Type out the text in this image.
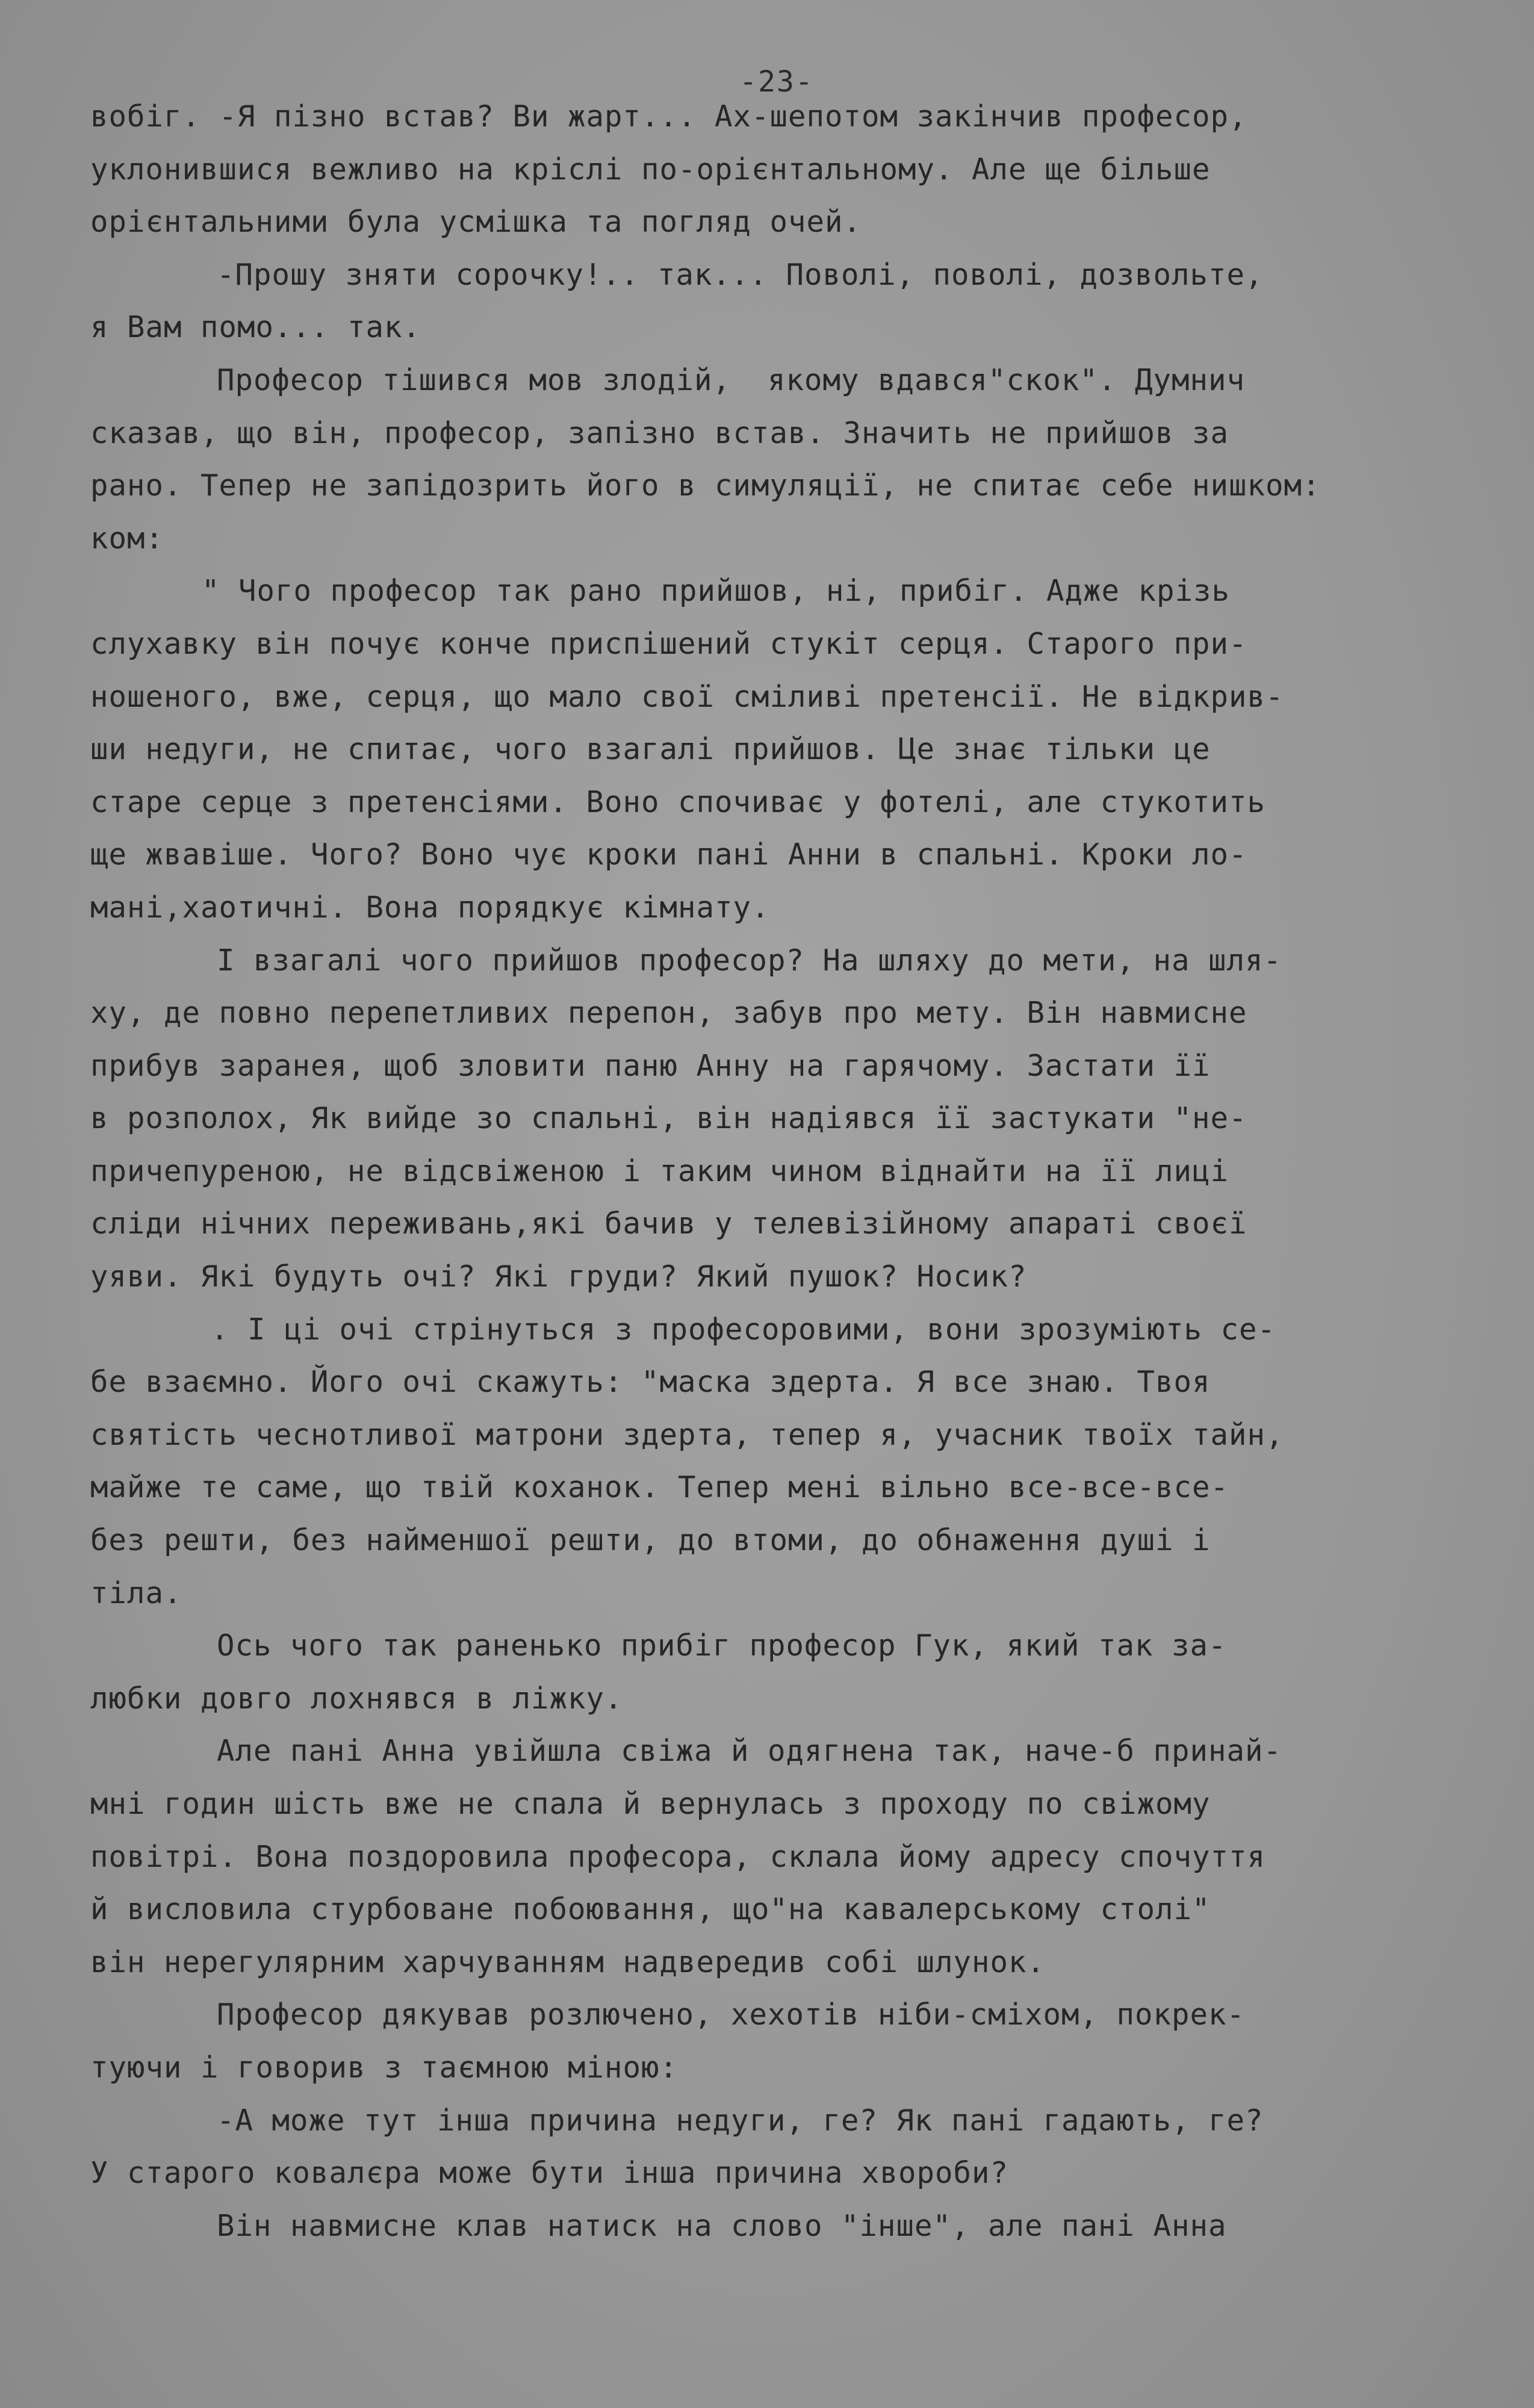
-23-
вобіг. -Я пізно встав? Ви жарт... Ах-шепотом закінчив професор,
уклонившися вежливо на кріслі по-орієнтальному. Але ще більше
орієнтальними була усмішка та погляд очей.
-Прошу зняти сорочку!.. так... Поволі, поволі, дозвольте,
я Вам помо... так.
Професор тішився мов злодій,  якому вдався"скок". Думнич
сказав, що він, професор, запізно встав. Значить не прийшов за
рано. Тепер не запідозрить його в симуляції, не спитає себе нишком:
ком:
" Чого професор так рано прийшов, ні, прибіг. Адже крізь
слухавку він почує конче приспішений стукіт серця. Старого при-
ношеного, вже, серця, що мало свої сміливі претенсії. Не відкрив-
ши недуги, не спитає, чого взагалі прийшов. Це знає тільки це
старе серце з претенсіями. Воно спочиває у фотелі, але стукотить
ще жвавіше. Чого? Воно чує кроки пані Анни в спальні. Кроки ло-
мані,хаотичні. Вона порядкує кімнату.
І взагалі чого прийшов професор? На шляху до мети, на шля-
ху, де повно перепетливих перепон, забув про мету. Він навмисне
прибув заранея, щоб зловити паню Анну на гарячому. Застати її
в розполох, Як вийде зо спальні, він надіявся її застукати "не-
причепуреною, не відсвіженою і таким чином віднайти на її лиці
сліди нічних переживань,які бачив у телевізійному апараті своєї
уяви. Які будуть очі? Які груди? Який пушок? Носик?
. І ці очі стрінуться з професоровими, вони зрозуміють се-
бе взаємно. Його очі скажуть: "маска здерта. Я все знаю. Твоя
святість чеснотливої матрони здерта, тепер я, учасник твоїх тайн,
майже те саме, що твій коханок. Тепер мені вільно все-все-все-
без решти, без найменшої решти, до втоми, до обнаження душі і
тіла.
Ось чого так раненько прибіг професор Гук, який так за-
любки довго лохнявся в ліжку.
Але пані Анна увійшла свіжа й одягнена так, наче-б принай-
мні годин шість вже не спала й вернулась з проходу по свіжому
повітрі. Вона поздоровила професора, склала йому адресу спочуття
й висловила стурбоване побоювання, що"на кавалерському столі"
він нерегулярним харчуванням надвередив собі шлунок.
Професор дякував розлючено, хехотів ніби-сміхом, покрек-
туючи і говорив з таємною міною:
-А може тут інша причина недуги, ге? Як пані гадають, ге?
У старого ковалєра може бути інша причина хвороби?
Він навмисне клав натиск на слово "інше", але пані Анна
